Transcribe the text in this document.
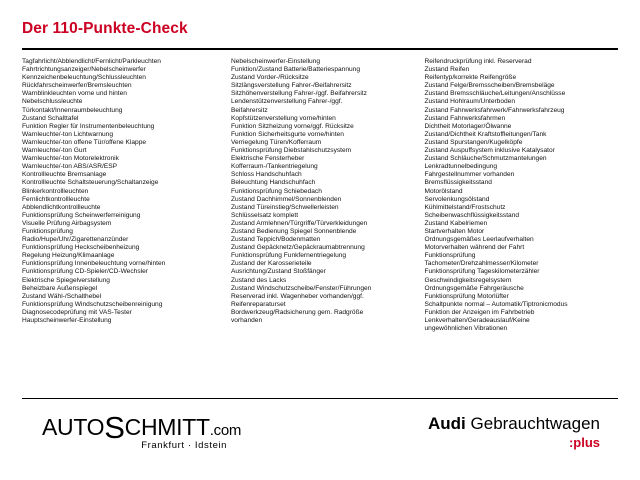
Der 110-Punkte-Check
Tagfahrlicht/Abblendlicht/Fernlicht/Parkleuchten
Fahrtrichtungsanzeiger/Nebelscheinwerfer
Kennzeichenbeleuchtung/Schlussleuchten
Rückfahrscheinwerfer/Bremsleuchten
Warnblinkleuchten vorne und hinten
Nebelschlussleuchte
Türkontakt/Innenraumbeleuchtung
Zustand Schalttafel
Funktion Regler für Instrumentenbeleuchtung
Warnleuchte/-ton Lichtwarnung
Warnleuchte/-ton offene Tür/offene Klappe
Warnleuchte/-ton Gurt
Warnleuchte/-ton Motorelektronik
Warnleuchte/-ton ABS/ASR/ESP
Kontrollleuchte Bremsanlage
Kontrollleuchte Schaltsteuerung/Schaltanzeige
Blinkerkontrollleuchten
Fernlichtkontrollleuchte
Abblendlichtkontrollleuchte
Funktionsprüfung Scheinwerferreinigung
Visuelle Prüfung Airbagsystem
Funktionsprüfung
Radio/Hupe/Uhr/Zigarettenanzünder
Funktionsprüfung Heckscheibenheizung
Regelung Heizung/Klimaanlage
Funktionsprüfung Innenbeleuchtung vorne/hinten
Funktionsprüfung CD-Spieler/CD-Wechsler
Elektrische Spiegelverstellung
Beheizbare Außenspiegel
Zustand Wähl-/Schalthebel
Funktionsprüfung Windschutzscheibenreinigung
Diagnosecodeprüfung mit VAS-Tester
Hauptscheinwerfer-Einstellung
Nebelscheinwerfer-Einstellung
Funktion/Zustand Batterie/Batteriespannung
Zustand Vorder-/Rücksitze
Sitzlängsverstellung Fahrer-/Beifahrersitz
Sitzhöhenverstellung Fahrer-/ggf. Beifahrersitz
Lendenstützenverstellung Fahrer-/ggf.
Beifahrersitz
Kopfstützenverstellung vorne/hinten
Funktion Sitzheizung vorne/ggf. Rücksitze
Funktion Sicherheitsgurte vorne/hinten
Verriegelung Türen/Kofferraum
Funktionsprüfung Diebstahlschutzsystem
Elektrische Fensterheber
Kofferraum-/Tankentriegelung
Schloss Handschuhfach
Beleuchtung Handschuhfach
Funktionsprüfung Schiebedach
Zustand Dachhimmel/Sonnenblenden
Zustand Türeinstieg/Schwellerleisten
Schlüsselsatz komplett
Zustand Armlehnen/Türgriffe/Türverkleidungen
Zustand Bedienung Spiegel Sonnenblende
Zustand Teppich/Bodenmatten
Zustand Gepäcknetz/Gepäckraumabtrennung
Funktionsprüfung Funkfernentriegelung
Zustand der Karosserieteile
Ausrichtung/Zustand Stoßfänger
Zustand des Lacks
Zustand Windschutzscheibe/Fenster/Führungen
Reserverad inkl. Wagenheber vorhanden/ggf.
Reifenreparaturset
Bordwerkzeug/Radsicherung gem. Radgröße
vorhanden
Reifendruckprüfung inkl. Reserverad
Zustand Reifen
Reifentyp/korrekte Reifengröße
Zustand Felge/Bremsscheiben/Bremsbeläge
Zustand Bremsschläuche/Leitungen/Anschlüsse
Zustand Hohlraum/Unterboden
Zustand Fahrwerksfahrwerk/Fahrwerksfahrzeug
Zustand Fahrwerksfahrmen
Dichtheit Motorlager/Ölwanne
Zustand/Dichtheit Kraftstoffleitungen/Tank
Zustand Spurstangen/Kugelköpfe
Zustand Auspuffsystem inklusive Katalysator
Zustand Schläuche/Schmutzmantelungen
Lenkradtunnelbedingung
Fahrgestellnummer vorhanden
Bremsflüssigkeitsstand
Motorölstand
Servolenkungsölstand
Kühlmittelstand/Frostschutz
Scheibenwaschflüssigkeitsstand
Zustand Kabelriemen
Startverhalten Motor
Ordnungsgemäßes Leerlaufverhalten
Motorverhalten während der Fahrt
Funktionsprüfung
Tachometer/Drehzahlmesser/Kilometer
Funktionsprüfung Tageskilometerzähler
Geschwindigkeitsregelsystem
Ordnungsgemäße Fahrgeräusche
Funktionsprüfung Motorlüfter
Schaltpunkte normal – Automatik/Tiptronicmodus
Funktion der Anzeigen im Fahrbetrieb
Lenkverhalten/Geradeauslauf/Keine
ungewöhnlichen Vibrationen
AUTOSCHMITT.com
Frankfurt · Idstein
Audi Gebrauchtwagen
:plus
